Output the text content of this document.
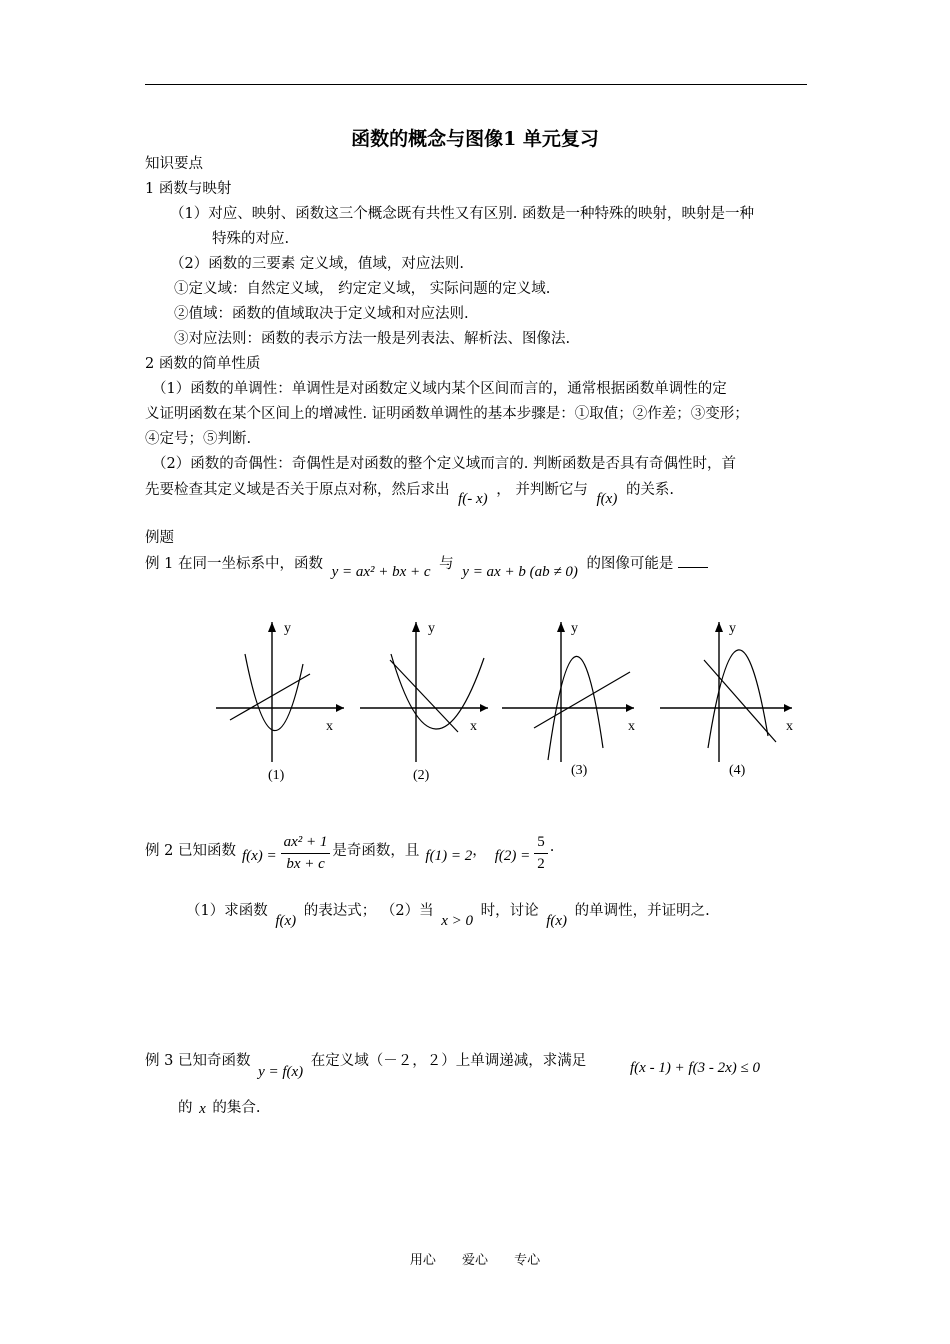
函数的概念与图像1 单元复习
知识要点
1 函数与映射
（1）对应、映射、函数这三个概念既有共性又有区别. 函数是一种特殊的映射，映射是一种
特殊的对应.
（2）函数的三要素 定义域，值域，对应法则.
①定义域：自然定义域， 约定定义域， 实际问题的定义域.
②值域：函数的值域取决于定义域和对应法则.
③对应法则：函数的表示方法一般是列表法、解析法、图像法.
2 函数的简单性质
（1）函数的单调性：单调性是对函数定义域内某个区间而言的，通常根据函数单调性的定
义证明函数在某个区间上的增减性. 证明函数单调性的基本步骤是：①取值；②作差；③变形；
④定号；⑤判断.
（2）函数的奇偶性：奇偶性是对函数的整个定义域而言的. 判断函数是否具有奇偶性时，首
先要检查其定义域是否关于原点对称，然后求出 f(- x) ， 并判断它与 f(x) 的关系.
例题
例 1 在同一坐标系中，函数 y = ax² + bx + c 与 y = ax + b (ab ≠ 0) 的图像可能是
y
x
(1)
y
x
(2)
y
x
(3)
y
x
(4)
例 2 已知函数 $f(x) = \frac{\text{ax² + 1}}{bx + c}$ 是奇函数，且 f(1) = 2 ， $f(2) = \frac{5}{2}$ .
（1）求函数 f(x) 的表达式； （2）当 x > 0 时，讨论 f(x) 的单调性，并证明之.
例 3 已知奇函数 y = f(x) 在定义域（－２，２）上单调递减，求满足	f(x - 1) + f(3 - 2x) ≤ 0
的 x 的集合.
用心 爱心 专心
